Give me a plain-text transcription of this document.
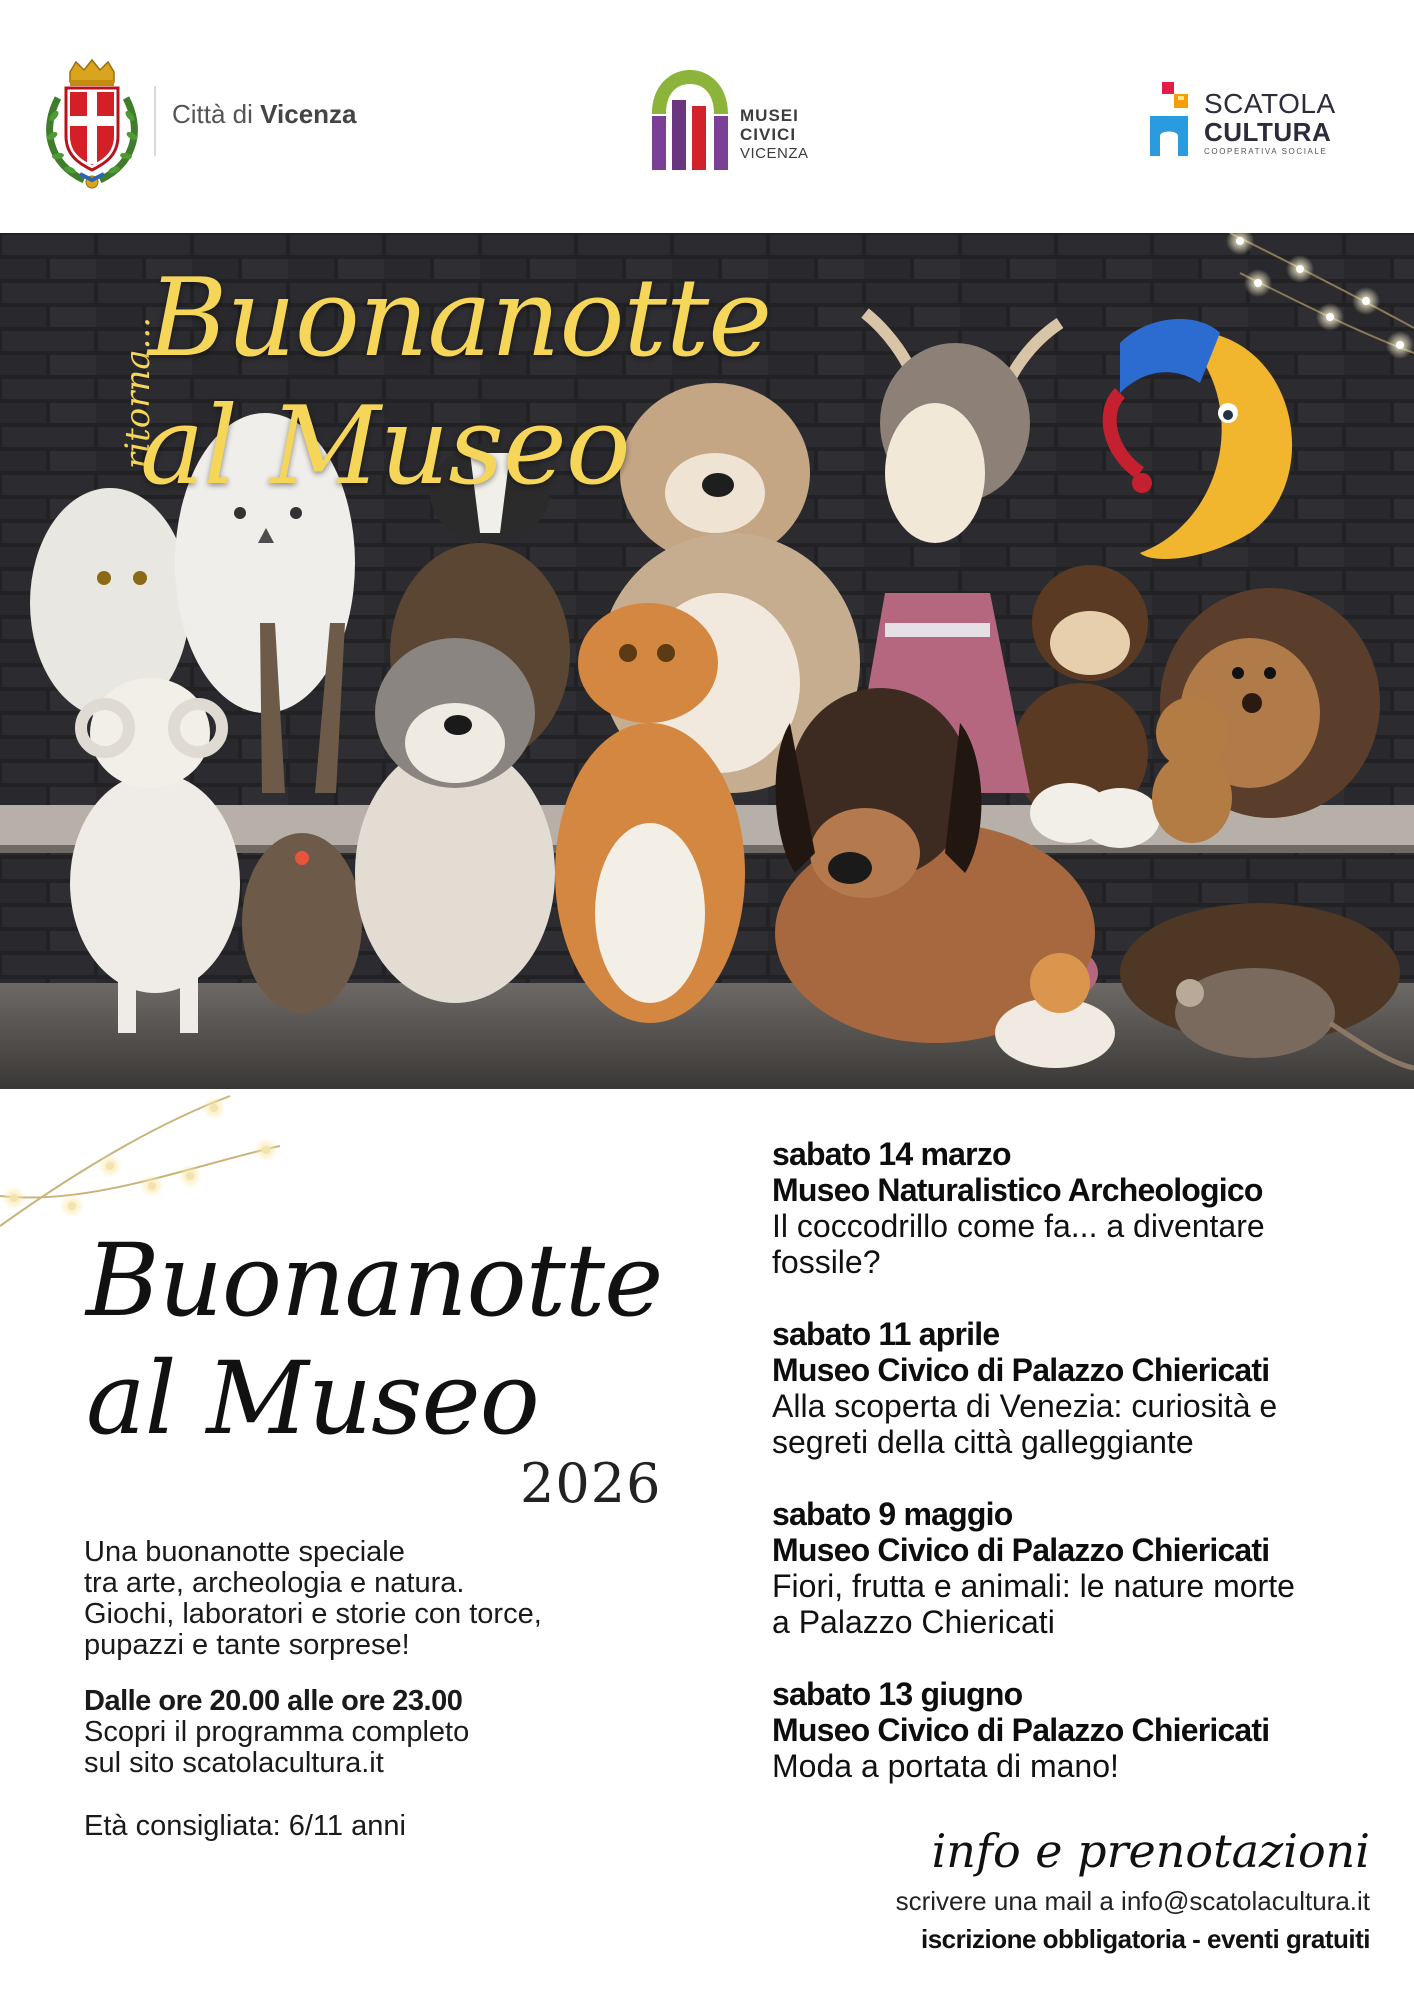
Città di Vicenza	MUSEI
CIVICI
VICENZA
SCATOLA
CULTURA
COOPERATIVA SOCIALE
ritorna...
Buonanotte
al Museo
Buonanotte
al Museo
2026
Una buonanotte speciale
tra arte, archeologia e natura.
Giochi, laboratori e storie con torce,
pupazzi e tante sorprese!
Dalle ore 20.00 alle ore 23.00
Scopri il programma completo
sul sito scatolacultura.it
Età consigliata: 6/11 anni
sabato 14 marzo
Museo Naturalistico Archeologico
Il coccodrillo come fa... a diventare
fossile?
sabato 11 aprile
Museo Civico di Palazzo Chiericati
Alla scoperta di Venezia: curiosità e
segreti della città galleggiante
sabato 9 maggio
Museo Civico di Palazzo Chiericati
Fiori, frutta e animali: le nature morte
a Palazzo Chiericati
sabato 13 giugno
Museo Civico di Palazzo Chiericati
Moda a portata di mano!
info e prenotazioni
scrivere una mail a info@scatolacultura.it
iscrizione obbligatoria - eventi gratuiti
